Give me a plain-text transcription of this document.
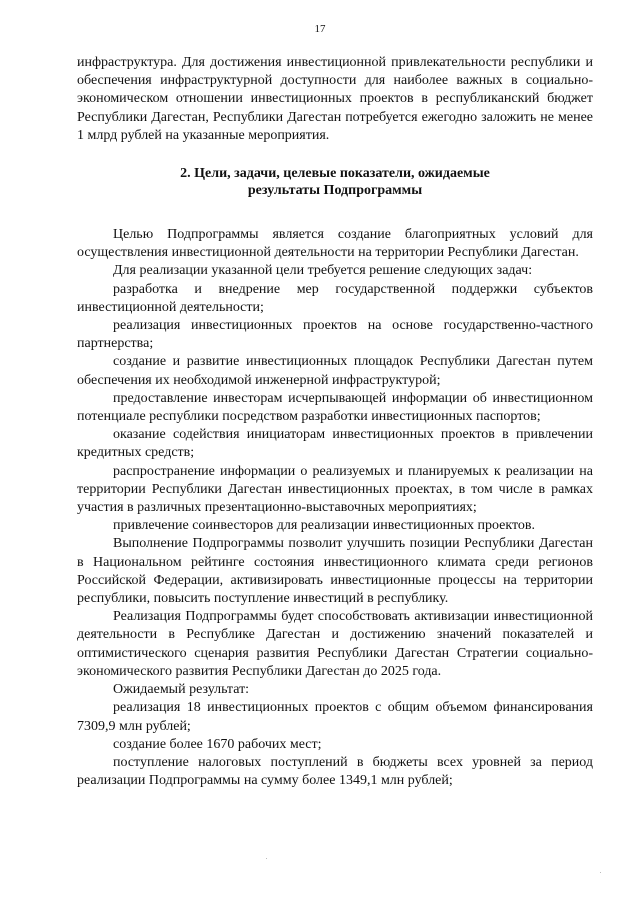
17

инфраструктура. Для достижения инвестиционной привлекательности республики и обеспечения инфраструктурной доступности для наиболее важных в социально-экономическом отношении инвестиционных проектов в республиканский бюджет Республики Дагестан, Республики Дагестан потребуется ежегодно заложить не менее 1 млрд рублей на указанные мероприятия.

2. Цели, задачи, целевые показатели, ожидаемые
результаты Подпрограммы

Целью Подпрограммы является создание благоприятных условий для осуществления инвестиционной деятельности на территории Республики Дагестан.

Для реализации указанной цели требуется решение следующих задач:

разработка и внедрение мер государственной поддержки субъектов инвестиционной деятельности;

реализация инвестиционных проектов на основе государственно-частного партнерства;

создание и развитие инвестиционных площадок Республики Дагестан путем обеспечения их необходимой инженерной инфраструктурой;

предоставление инвесторам исчерпывающей информации об инвестиционном потенциале республики посредством разработки инвестиционных паспортов;

оказание содействия инициаторам инвестиционных проектов в привлечении кредитных средств;

распространение информации о реализуемых и планируемых к реализации на территории Республики Дагестан инвестиционных проектах, в том числе в рамках участия в различных презентационно-выставочных мероприятиях;

привлечение соинвесторов для реализации инвестиционных проектов.

Выполнение Подпрограммы позволит улучшить позиции Республики Дагестан в Национальном рейтинге состояния инвестиционного климата среди регионов Российской Федерации, активизировать инвестиционные процессы на территории республики, повысить поступление инвестиций в республику.

Реализация Подпрограммы будет способствовать активизации инвестиционной деятельности в Республике Дагестан и достижению значений показателей и оптимистического сценария развития Республики Дагестан Стратегии социально-экономического развития Республики Дагестан до 2025 года.

Ожидаемый результат:

реализация 18 инвестиционных проектов с общим объемом финансирования 7309,9 млн рублей;

создание более 1670 рабочих мест;

поступление налоговых поступлений в бюджеты всех уровней за период реализации Подпрограммы на сумму более 1349,1 млн рублей;
